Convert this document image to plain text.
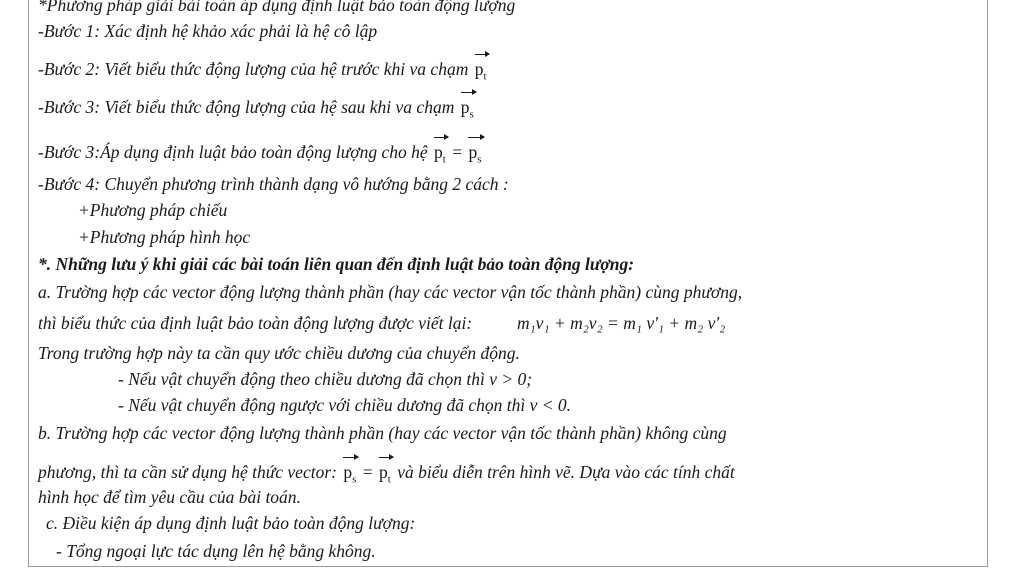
*Phương pháp giải bài toán áp dụng định luật bảo toàn động lượng
-Bước 1: Xác định hệ khảo xác phải là hệ cô lập
-Bước 2: Viết biểu thức động lượng của hệ trước khi va chạm $p_t$
-Bước 3: Viết biểu thức động lượng của hệ sau khi va chạm $p_s$
-Bước 3:Áp dụng định luật bảo toàn động lượng cho hệ $p_t = p_s$
-Bước 4: Chuyển phương trình thành dạng vô hướng bằng 2 cách :
+Phương pháp chiếu
+Phương pháp hình học
*. Những lưu ý khi giải các bài toán liên quan đến định luật bảo toàn động lượng:
a. Trường hợp các vector động lượng thành phần (hay các vector vận tốc thành phần) cùng phương,
thì biểu thức của định luật bảo toàn động lượng được viết lại:	m₁v₁ + m₂v₂ = m₁ v'₁ + m₂ v'₂
Trong trường hợp này ta cần quy ước chiều dương của chuyển động.
- Nếu vật chuyển động theo chiều dương đã chọn thì v > 0;
- Nếu vật chuyển động ngược với chiều dương đã chọn thì v < 0.
b. Trường hợp các vector động lượng thành phần (hay các vector vận tốc thành phần) không cùng
phương, thì ta cần sử dụng hệ thức vector: $p_s = p_t$ và biểu diễn trên hình vẽ. Dựa vào các tính chất
hình học để tìm yêu cầu của bài toán.
c. Điều kiện áp dụng định luật bảo toàn động lượng:
- Tổng ngoại lực tác dụng lên hệ bằng không.
